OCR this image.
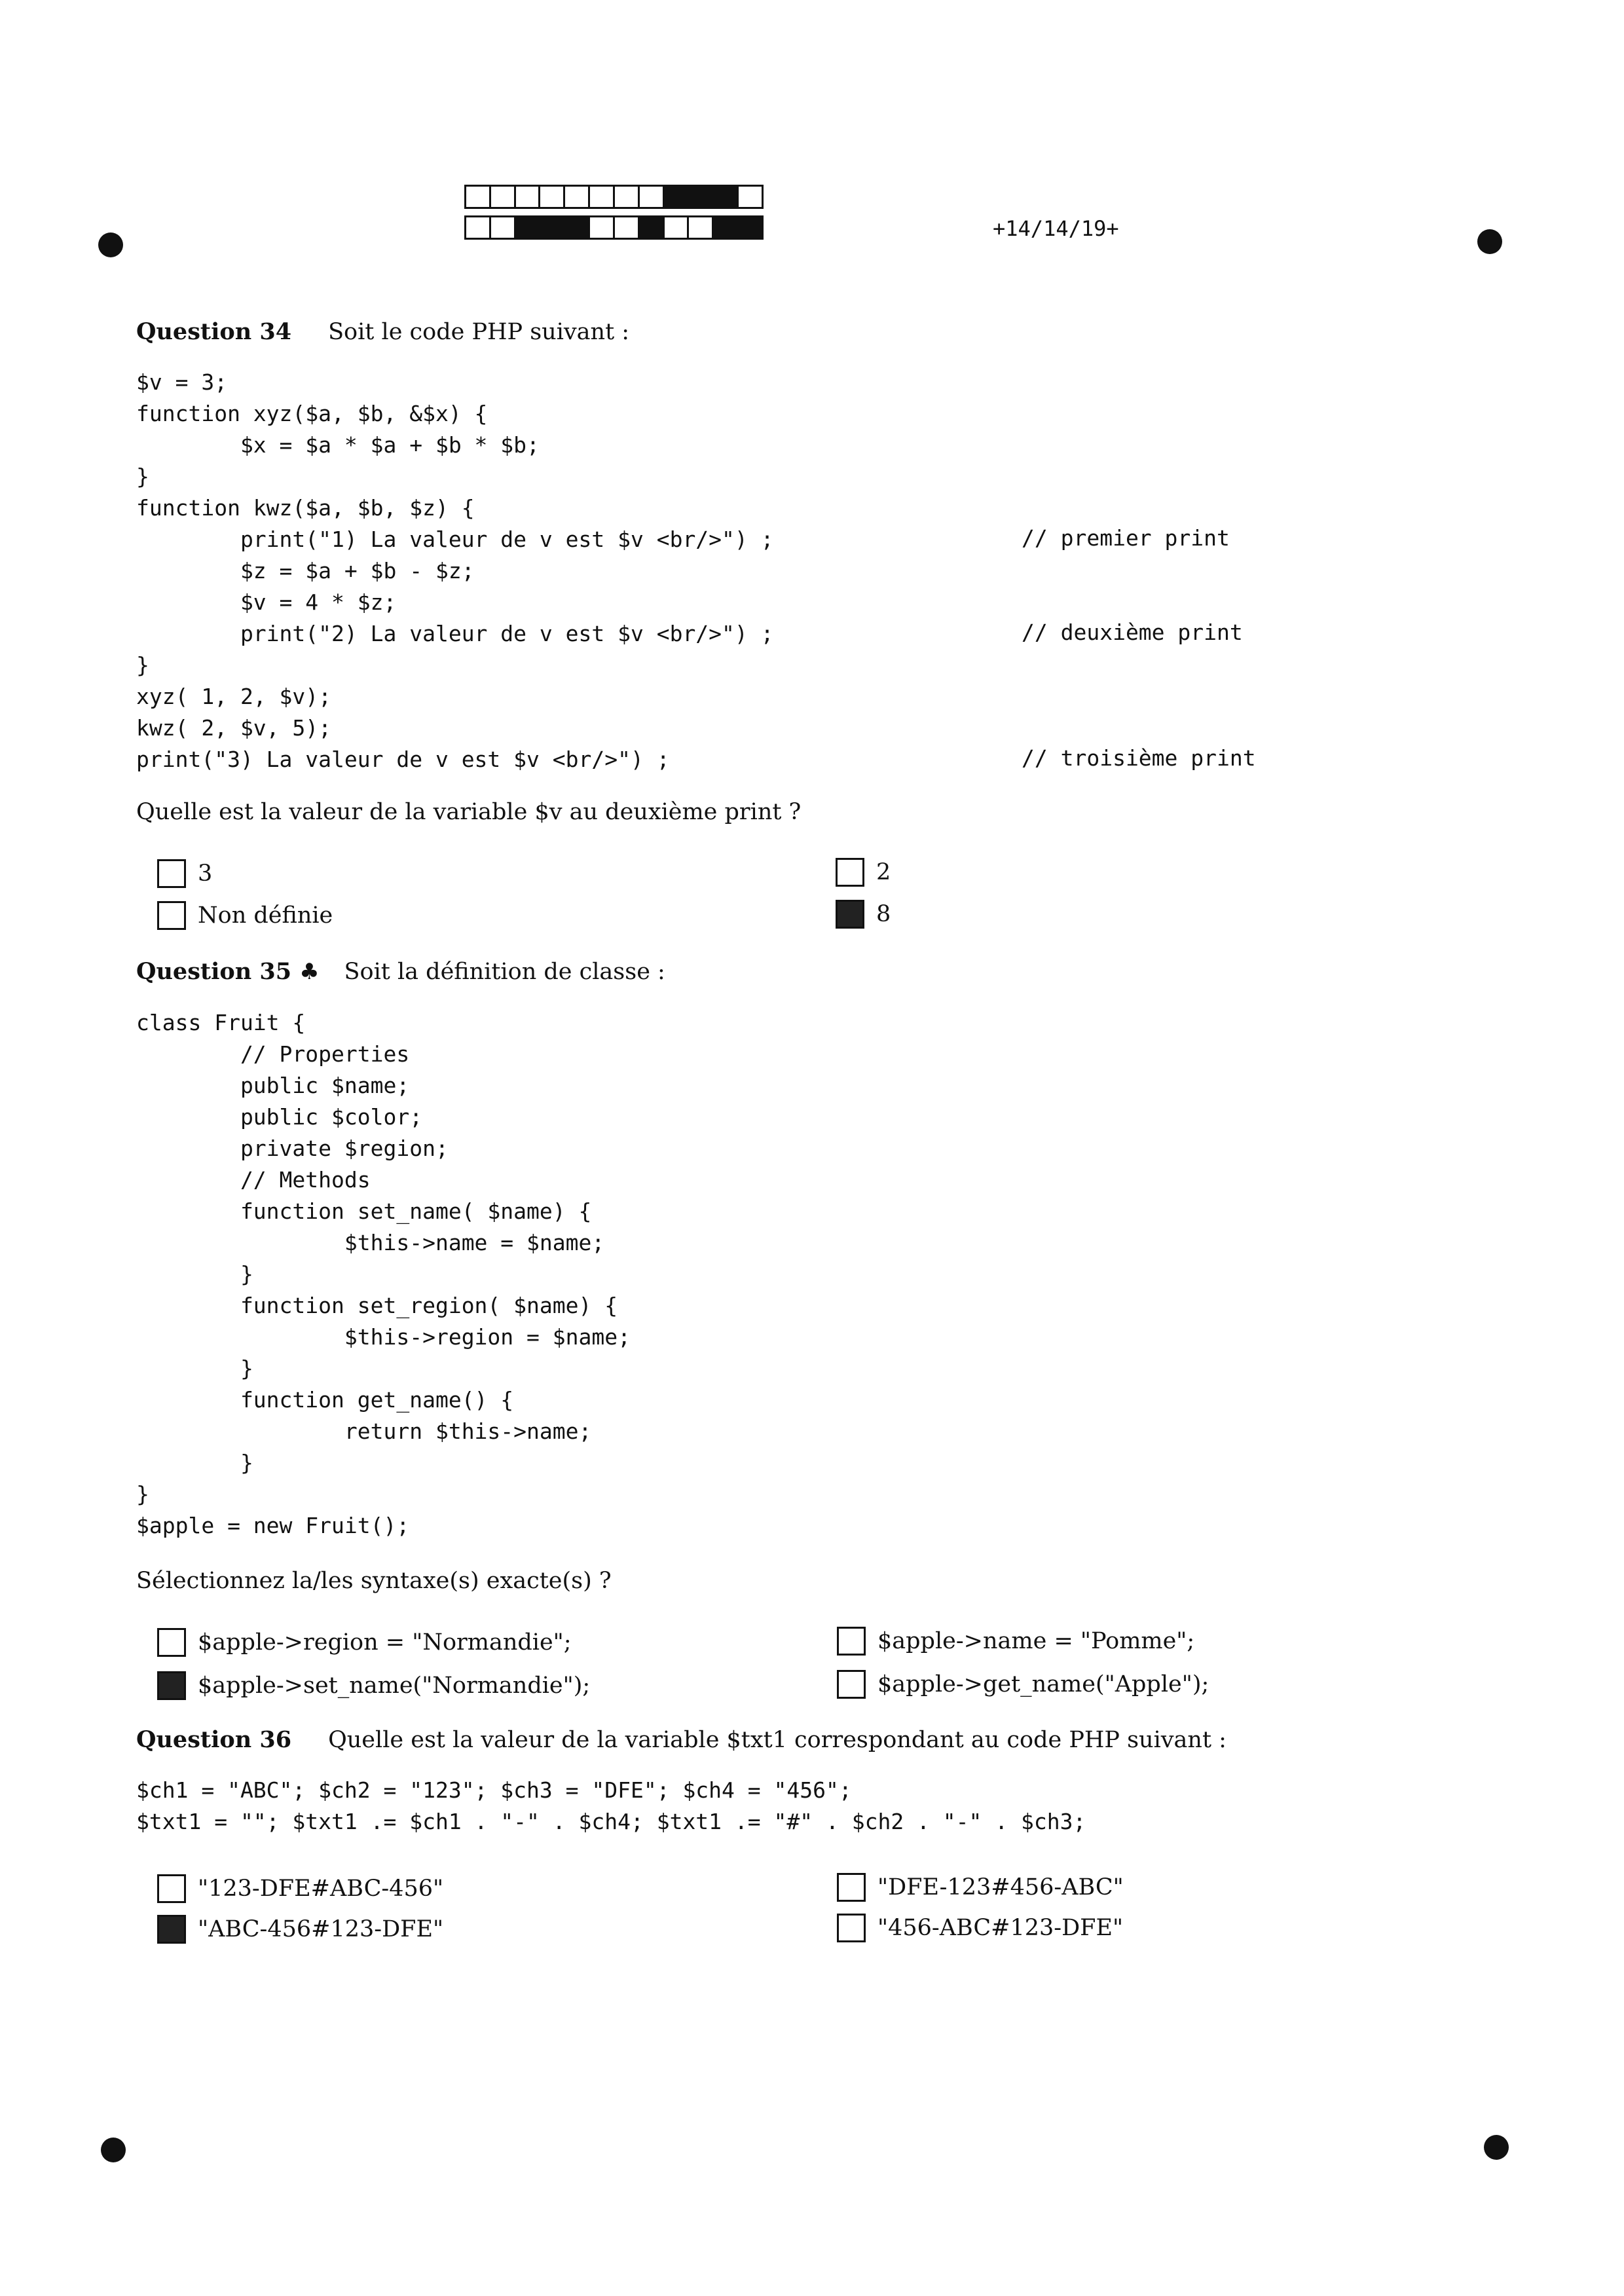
+14/14/19+
Question 34 Soit le code PHP suivant :
$v = 3;
function xyz($a, $b, &$x) {
$x = $a * $a + $b * $b;
}
function kwz($a, $b, $z) {
print("1) La valeur de v est $v <br/>") ;
$z = $a + $b - $z;
$v = 4 * $z;
print("2) La valeur de v est $v <br/>") ;
}
xyz( 1, 2, $v);
kwz( 2, $v, 5);
print("3) La valeur de v est $v <br/>") ;
// premier print
// deuxième print
// troisième print
Quelle est la valeur de la variable $v au deuxième print ?
3	2
Non définie	8
Question 35 ♣ Soit la définition de classe :
class Fruit {
// Properties
public $name;
public $color;
private $region;
// Methods
function set_name( $name) {
$this->name = $name;
}
function set_region( $name) {
$this->region = $name;
}
function get_name() {
return $this->name;
}
}
$apple = new Fruit();
Sélectionnez la/les syntaxe(s) exacte(s) ?
$apple->region = "Normandie";	$apple->name = "Pomme";
$apple->set_name("Normandie");	$apple->get_name("Apple");
Question 36 Quelle est la valeur de la variable $txt1 correspondant au code PHP suivant :
$ch1 = "ABC"; $ch2 = "123"; $ch3 = "DFE"; $ch4 = "456";
$txt1 = ""; $txt1 .= $ch1 . "-" . $ch4; $txt1 .= "#" . $ch2 . "-" . $ch3;
"123-DFE#ABC-456"	"DFE-123#456-ABC"
"ABC-456#123-DFE"	"456-ABC#123-DFE"
